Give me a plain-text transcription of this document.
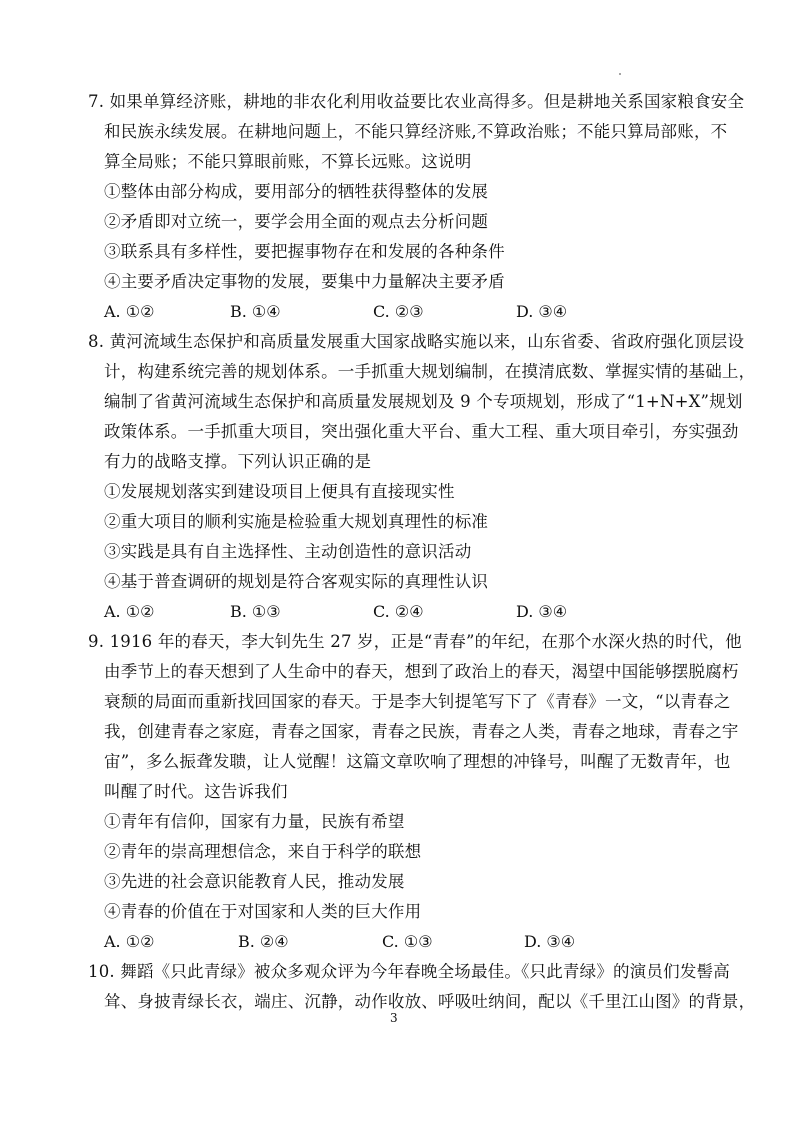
7. 如果单算经济账，耕地的非农化利用收益要比农业高得多。但是耕地关系国家粮食安全
和民族永续发展。在耕地问题上，不能只算经济账,不算政治账；不能只算局部账，不
算全局账；不能只算眼前账，不算长远账。这说明
①整体由部分构成，要用部分的牺牲获得整体的发展
②矛盾即对立统一，要学会用全面的观点去分析问题
③联系具有多样性，要把握事物存在和发展的各种条件
④主要矛盾决定事物的发展，要集中力量解决主要矛盾
A. ①②	B. ①④	C. ②③	D. ③④
8. 黄河流域生态保护和高质量发展重大国家战略实施以来，山东省委、省政府强化顶层设
计，构建系统完善的规划体系。一手抓重大规划编制，在摸清底数、掌握实情的基础上，
编制了省黄河流域生态保护和高质量发展规划及 9 个专项规划，形成了“1+N+X”规划
政策体系。一手抓重大项目，突出强化重大平台、重大工程、重大项目牵引，夯实强劲
有力的战略支撑。下列认识正确的是
①发展规划落实到建设项目上便具有直接现实性
②重大项目的顺利实施是检验重大规划真理性的标准
③实践是具有自主选择性、主动创造性的意识活动
④基于普查调研的规划是符合客观实际的真理性认识
A. ①②	B. ①③	C. ②④	D. ③④
9. 1916 年的春天，李大钊先生 27 岁，正是“青春”的年纪，在那个水深火热的时代，他
由季节上的春天想到了人生命中的春天，想到了政治上的春天，渴望中国能够摆脱腐朽
衰颓的局面而重新找回国家的春天。于是李大钊提笔写下了《青春》一文，“以青春之
我，创建青春之家庭，青春之国家，青春之民族，青春之人类，青春之地球，青春之宇
宙”，多么振聋发聩，让人觉醒！这篇文章吹响了理想的冲锋号，叫醒了无数青年，也
叫醒了时代。这告诉我们
①青年有信仰，国家有力量，民族有希望
②青年的崇高理想信念，来自于科学的联想
③先进的社会意识能教育人民，推动发展
④青春的价值在于对国家和人类的巨大作用
A. ①②	B. ②④	C. ①③	D. ③④
10. 舞蹈《只此青绿》被众多观众评为今年春晚全场最佳。《只此青绿》的演员们发髻高
耸、身披青绿长衣，端庄、沉静，动作收放、呼吸吐纳间，配以《千里江山图》的背景，
3
